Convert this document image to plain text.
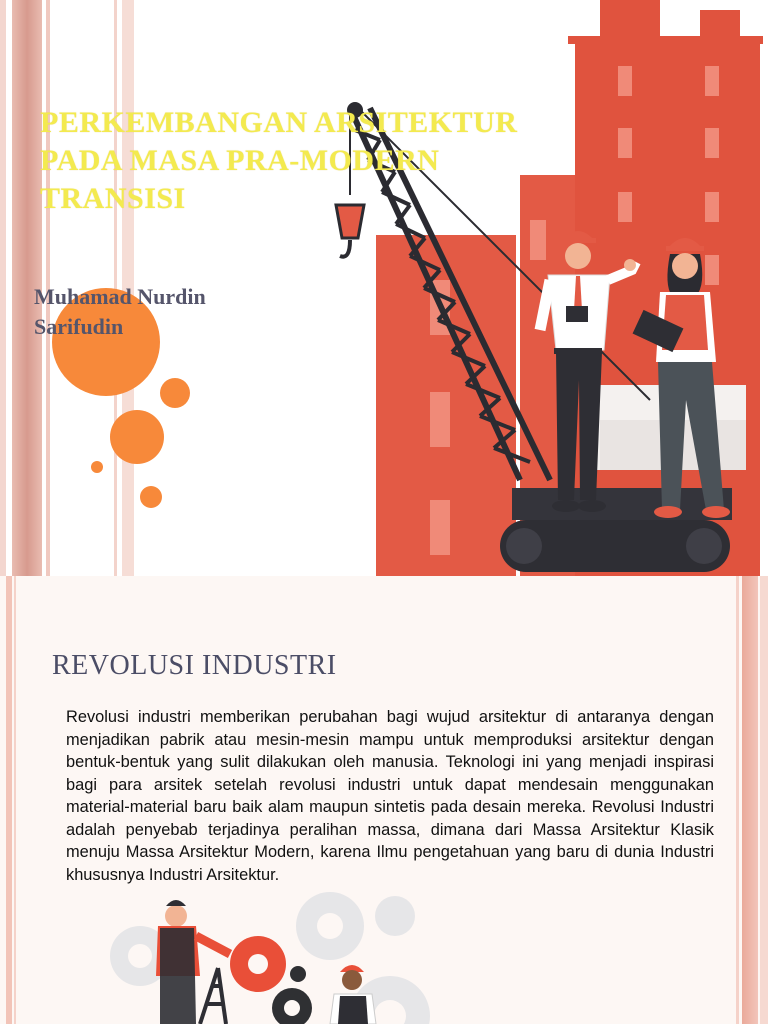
PERKEMBANGAN ARSITEKTUR
PADA MASA PRA-MODERN
TRANSISI
Muhamad Nurdin
Sarifudin
REVOLUSI INDUSTRI
Revolusi industri memberikan perubahan bagi wujud arsitektur di antaranya dengan menjadikan pabrik atau mesin-mesin mampu untuk memproduksi arsitektur dengan bentuk-bentuk yang sulit dilakukan oleh manusia. Teknologi ini yang menjadi inspirasi bagi para arsitek setelah revolusi industri untuk dapat mendesain menggunakan material-material baru baik alam maupun sintetis pada desain mereka. Revolusi Industri adalah penyebab terjadinya peralihan massa, dimana dari Massa Arsitektur Klasik menuju Massa Arsitektur Modern, karena Ilmu pengetahuan yang baru di dunia Industri khususnya Industri Arsitektur.
